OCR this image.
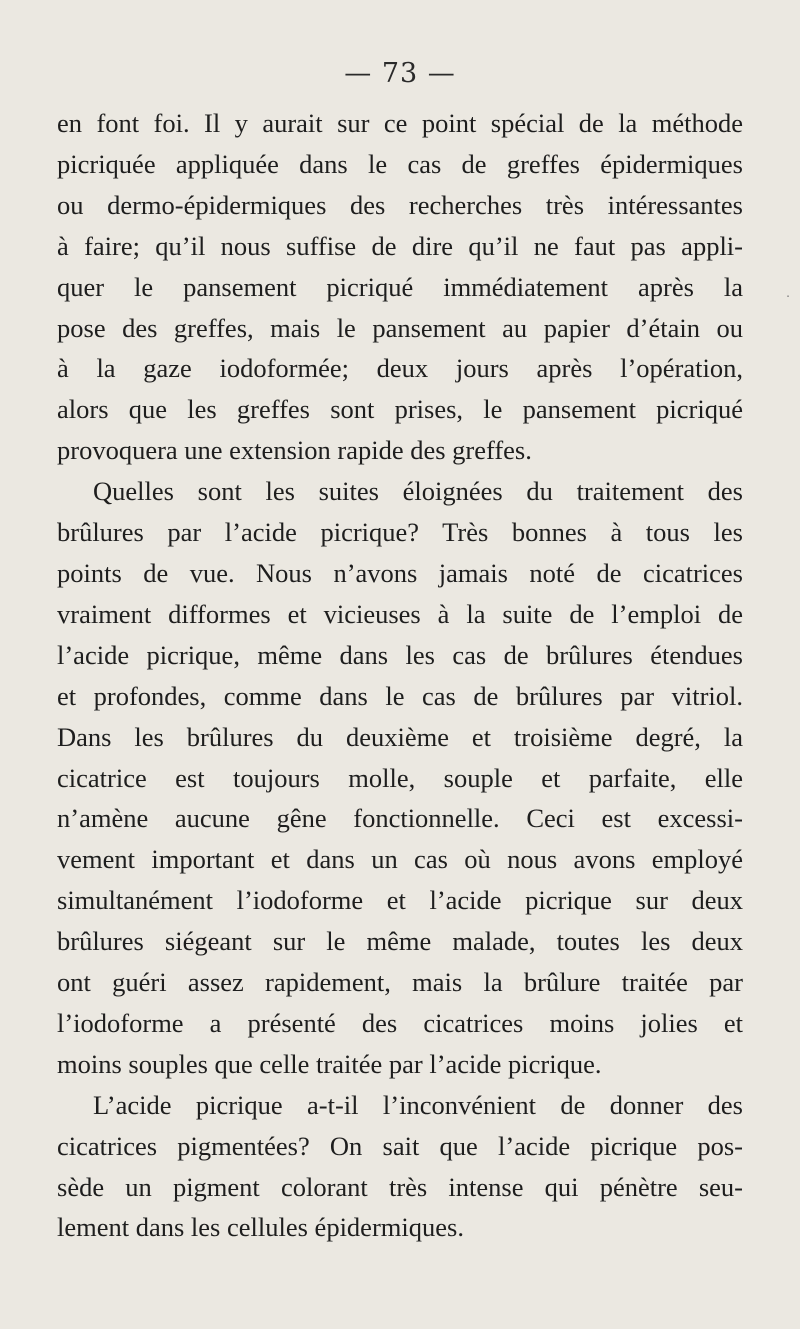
— 73 —

en font foi. Il y aurait sur ce point spécial de la méthode

picriquée appliquée dans le cas de greffes épidermiques

ou dermo-épidermiques des recherches très intéressantes

à faire; qu’il nous suffise de dire qu’il ne faut pas appli-

quer le pansement picriqué immédiatement après la

pose des greffes, mais le pansement au papier d’étain ou

à la gaze iodoformée; deux jours après l’opération,

alors que les greffes sont prises, le pansement picriqué

provoquera une extension rapide des greffes.

Quelles sont les suites éloignées du traitement des

brûlures par l’acide picrique? Très bonnes à tous les

points de vue. Nous n’avons jamais noté de cicatrices

vraiment difformes et vicieuses à la suite de l’emploi de

l’acide picrique, même dans les cas de brûlures étendues

et profondes, comme dans le cas de brûlures par vitriol.

Dans les brûlures du deuxième et troisième degré, la

cicatrice est toujours molle, souple et parfaite, elle

n’amène aucune gêne fonctionnelle. Ceci est excessi-

vement important et dans un cas où nous avons employé

simultanément l’iodoforme et l’acide picrique sur deux

brûlures siégeant sur le même malade, toutes les deux

ont guéri assez rapidement, mais la brûlure traitée par

l’iodoforme a présenté des cicatrices moins jolies et

moins souples que celle traitée par l’acide picrique.

L’acide picrique a-t-il l’inconvénient de donner des

cicatrices pigmentées? On sait que l’acide picrique pos-

sède un pigment colorant très intense qui pénètre seu-

lement dans les cellules épidermiques.

.
